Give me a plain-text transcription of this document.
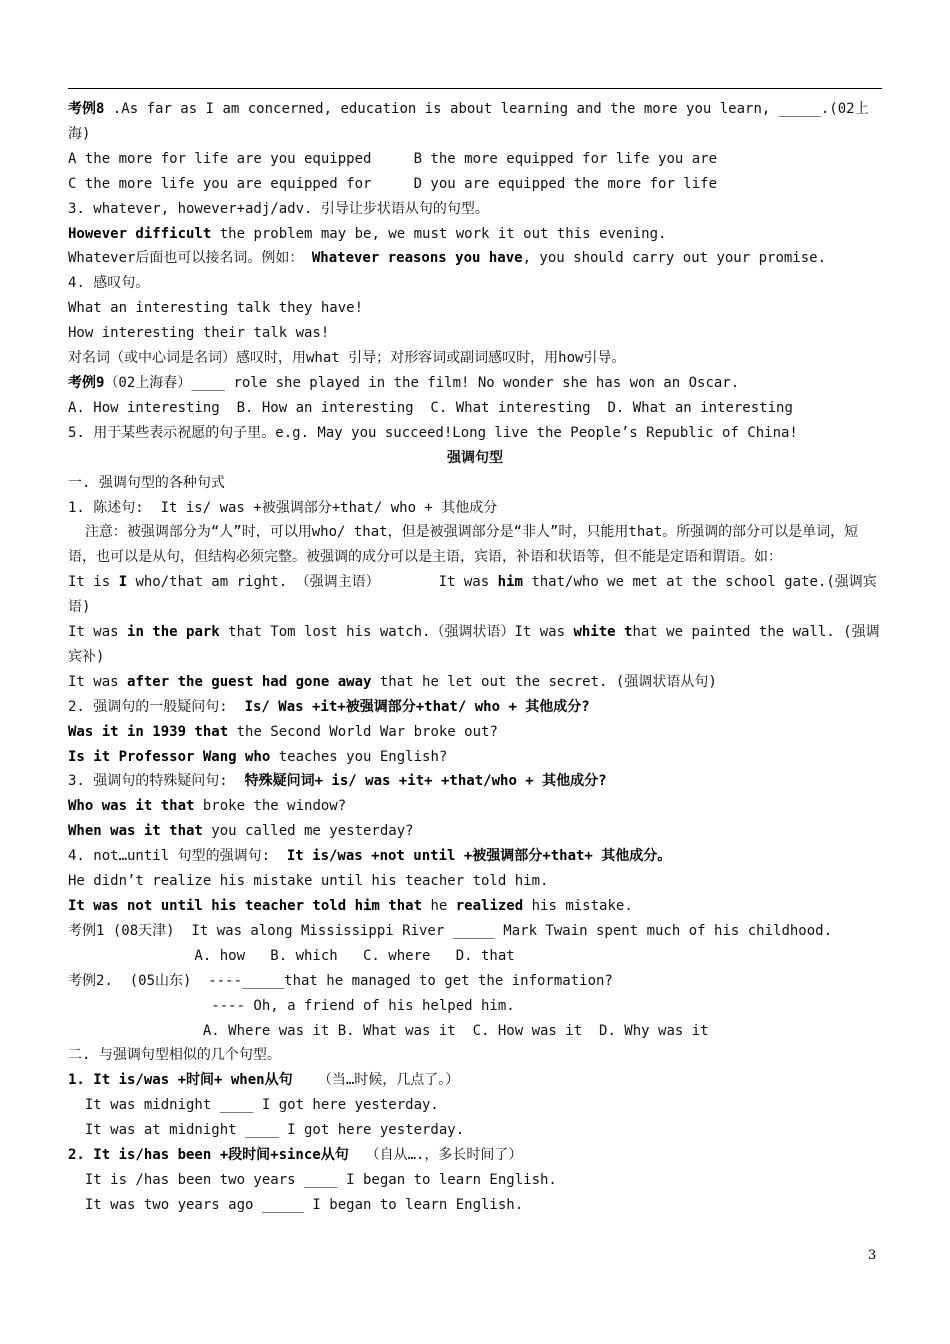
考例8 .As far as I am concerned, education is about learning and the more you learn, _____.(02上海)
A the more for life are you equipped     B the more equipped for life you are
C the more life you are equipped for     D you are equipped the more for life
3. whatever, however+adj/adv. 引导让步状语从句的句型。
However difficult the problem may be, we must work it out this evening.
Whatever后面也可以接名词。例如： Whatever reasons you have, you should carry out your promise.
4. 感叹句。
What an interesting talk they have!
How interesting their talk was!
对名词（或中心词是名词）感叹时，用what 引导；对形容词或副词感叹时，用how引导。
考例9（02上海春）____ role she played in the film! No wonder she has won an Oscar.
A. How interesting  B. How an interesting  C. What interesting  D. What an interesting
5. 用于某些表示祝愿的句子里。e.g. May you succeed!Long live the People’s Republic of China!
强调句型
一. 强调句型的各种句式
1. 陈述句:  It is/ was +被强调部分+that/ who + 其他成分
注意：被强调部分为“人”时，可以用who/ that，但是被强调部分是“非人”时，只能用that。所强调的部分可以是单词，短语，也可以是从句，但结构必须完整。被强调的成分可以是主语，宾语，补语和状语等，但不能是定语和谓语。如：
It is I who/that am right. （强调主语）       It was him that/who we met at the school gate.(强调宾语)
It was in the park that Tom lost his watch.（强调状语）It was white that we painted the wall. (强调宾补)
It was after the guest had gone away that he let out the secret. (强调状语从句)
2. 强调句的一般疑问句:  Is/ Was +it+被强调部分+that/ who + 其他成分?
Was it in 1939 that the Second World War broke out?
Is it Professor Wang who teaches you English?
3. 强调句的特殊疑问句:  特殊疑问词+ is/ was +it+ +that/who + 其他成分?
Who was it that broke the window?
When was it that you called me yesterday?
4. not…until 句型的强调句:  It is/was +not until +被强调部分+that+ 其他成分。
He didn’t realize his mistake until his teacher told him.
It was not until his teacher told him that he realized his mistake.
考例1 (08天津)  It was along Mississippi River _____ Mark Twain spent much of his childhood.
A. how   B. which   C. where   D. that
考例2.  (05山东)  ----_____that he managed to get the information?
---- Oh, a friend of his helped him.
A. Where was it B. What was it  C. How was it  D. Why was it
二. 与强调句型相似的几个句型。
1. It is/was +时间+ when从句   （当…时候，几点了。）
It was midnight ____ I got here yesterday.
It was at midnight ____ I got here yesterday.
2. It is/has been +段时间+since从句  （自从….，多长时间了）
It is /has been two years ____ I began to learn English.
It was two years ago _____ I began to learn English.
3
